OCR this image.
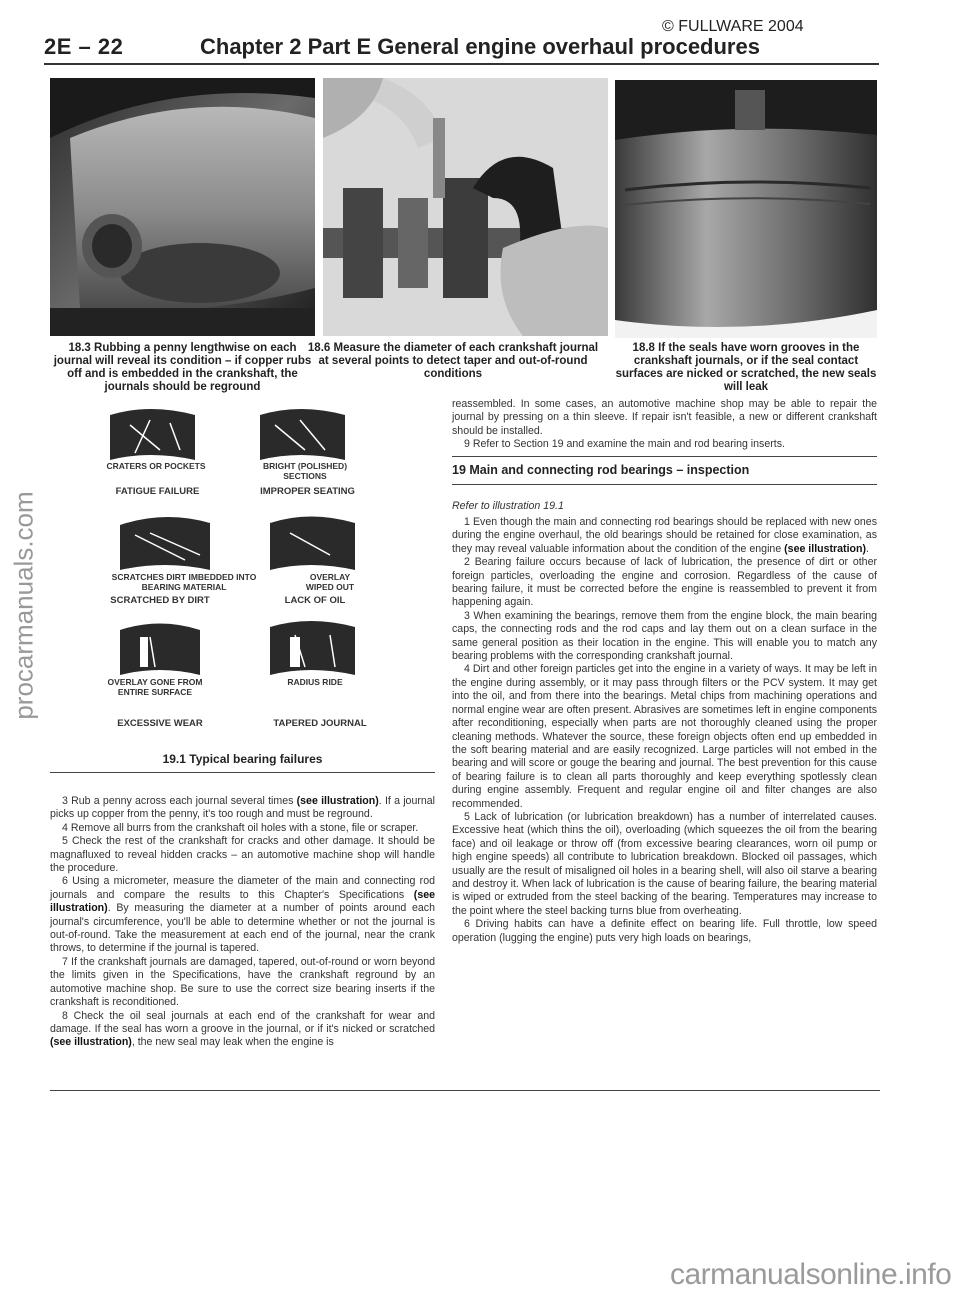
2E – 22	Chapter 2 Part E General engine overhaul procedures
© FULLWARE 2004
procarmanuals.com
18.3 Rubbing a penny lengthwise on each journal will reveal its condition – if copper rubs off and is embedded in the crankshaft, the journals should be reground
18.6 Measure the diameter of each crankshaft journal at several points to detect taper and out-of-round conditions
18.8 If the seals have worn grooves in the crankshaft journals, or if the seal contact surfaces are nicked or scratched, the new seals will leak
CRATERS OR POCKETS	BRIGHT (POLISHED) SECTIONS
FATIGUE FAILURE	IMPROPER SEATING
SCRATCHES DIRT IMBEDDED INTO BEARING MATERIAL
OVERLAY WIPED OUT
SCRATCHED BY DIRT	LACK OF OIL
OVERLAY GONE FROM ENTIRE SURFACE
RADIUS RIDE
EXCESSIVE WEAR	TAPERED JOURNAL
19.1 Typical bearing failures

3 Rub a penny across each journal several times (see illustration). If a journal picks up copper from the penny, it's too rough and must be reground.

4 Remove all burrs from the crankshaft oil holes with a stone, file or scraper.

5 Check the rest of the crankshaft for cracks and other damage. It should be magnafluxed to reveal hidden cracks – an automotive machine shop will handle the procedure.

6 Using a micrometer, measure the diameter of the main and connecting rod journals and compare the results to this Chapter's Specifications (see illustration). By measuring the diameter at a number of points around each journal's circumference, you'll be able to determine whether or not the journal is out-of-round. Take the measurement at each end of the journal, near the crank throws, to determine if the journal is tapered.

7 If the crankshaft journals are damaged, tapered, out-of-round or worn beyond the limits given in the Specifications, have the crankshaft reground by an automotive machine shop. Be sure to use the correct size bearing inserts if the crankshaft is reconditioned.

8 Check the oil seal journals at each end of the crankshaft for wear and damage. If the seal has worn a groove in the journal, or if it's nicked or scratched (see illustration), the new seal may leak when the engine is

reassembled. In some cases, an automotive machine shop may be able to repair the journal by pressing on a thin sleeve. If repair isn't feasible, a new or different crankshaft should be installed.

9 Refer to Section 19 and examine the main and rod bearing inserts.

19 Main and connecting rod bearings – inspection
Refer to illustration 19.1

1 Even though the main and connecting rod bearings should be replaced with new ones during the engine overhaul, the old bearings should be retained for close examination, as they may reveal valuable information about the condition of the engine (see illustration).

2 Bearing failure occurs because of lack of lubrication, the presence of dirt or other foreign particles, overloading the engine and corrosion. Regardless of the cause of bearing failure, it must be corrected before the engine is reassembled to prevent it from happening again.

3 When examining the bearings, remove them from the engine block, the main bearing caps, the connecting rods and the rod caps and lay them out on a clean surface in the same general position as their location in the engine. This will enable you to match any bearing problems with the corresponding crankshaft journal.

4 Dirt and other foreign particles get into the engine in a variety of ways. It may be left in the engine during assembly, or it may pass through filters or the PCV system. It may get into the oil, and from there into the bearings. Metal chips from machining operations and normal engine wear are often present. Abrasives are sometimes left in engine components after reconditioning, especially when parts are not thoroughly cleaned using the proper cleaning methods. Whatever the source, these foreign objects often end up embedded in the soft bearing material and are easily recognized. Large particles will not embed in the bearing and will score or gouge the bearing and journal. The best prevention for this cause of bearing failure is to clean all parts thoroughly and keep everything spotlessly clean during engine assembly. Frequent and regular engine oil and filter changes are also recommended.

5 Lack of lubrication (or lubrication breakdown) has a number of interrelated causes. Excessive heat (which thins the oil), overloading (which squeezes the oil from the bearing face) and oil leakage or throw off (from excessive bearing clearances, worn oil pump or high engine speeds) all contribute to lubrication breakdown. Blocked oil passages, which usually are the result of misaligned oil holes in a bearing shell, will also oil starve a bearing and destroy it. When lack of lubrication is the cause of bearing failure, the bearing material is wiped or extruded from the steel backing of the bearing. Temperatures may increase to the point where the steel backing turns blue from overheating.

6 Driving habits can have a definite effect on bearing life. Full throttle, low speed operation (lugging the engine) puts very high loads on bearings,

carmanualsonline.info
